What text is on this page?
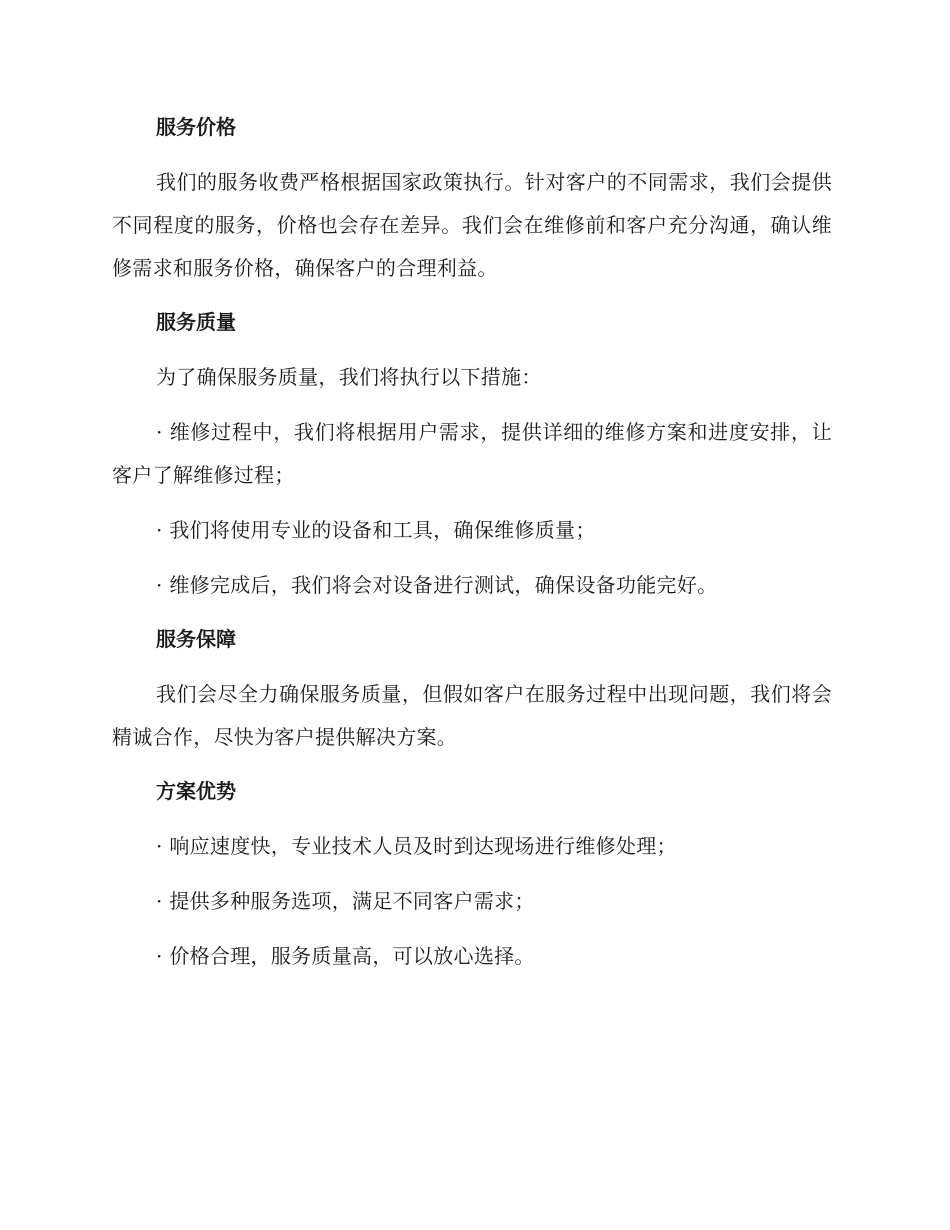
服务价格

我们的服务收费严格根据国家政策执行。针对客户的不同需求，我们会提供不同程度的服务，价格也会存在差异。我们会在维修前和客户充分沟通，确认维修需求和服务价格，确保客户的合理利益。

服务质量

为了确保服务质量，我们将执行以下措施：

· 维修过程中，我们将根据用户需求，提供详细的维修方案和进度安排，让客户了解维修过程；

· 我们将使用专业的设备和工具，确保维修质量；

· 维修完成后，我们将会对设备进行测试，确保设备功能完好。

服务保障

我们会尽全力确保服务质量，但假如客户在服务过程中出现问题，我们将会精诚合作，尽快为客户提供解决方案。

方案优势

· 响应速度快，专业技术人员及时到达现场进行维修处理；

· 提供多种服务选项，满足不同客户需求；

· 价格合理，服务质量高，可以放心选择。
